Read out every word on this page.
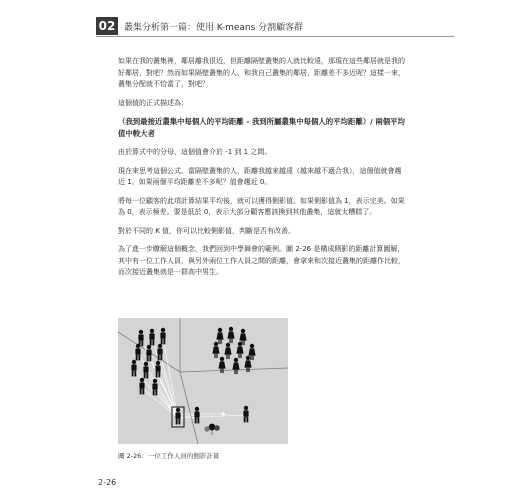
02 叢集分析第一篇：使用 K-means 分割顧客群

如果在我的叢集裡，鄰居離我很近，但距離隔壁叢集的人就比較遠，那現在這些鄰居就是我的好鄰居，對吧？然而如果隔壁叢集的人，和我自己叢集的鄰居，距離差不多近呢？這樣一來，叢集分配就不恰當了，對吧？

這個值的正式描述為：

（我到最接近叢集中每個人的平均距離 - 我到所屬叢集中每個人的平均距離）/ 兩個平均值中較大者

由於算式中的分母，這個值會介於 -1 到 1 之間。

現在來思考這個公式。當隔壁叢集的人，距離我越來越遠（越來越不適合我），這個值就會趨近 1。如果兩個平均距離差不多呢？值會趨近 0。

將每一位顧客的此項計算結果平均後，就可以獲得側影值。如果側影值為 1，表示完美。如果為 0，表示極差。要是低於 0，表示大部分顧客應該換到其他叢集，這就太糟糕了。

對於不同的 K 值，你可以比較側影值，判斷是否有改善。

為了進一步瞭解這個概念，我們回到中學舞會的範例。圖 2-26 是構成側影的距離計算圖解，其中有一位工作人員，與另外兩位工作人員之間的距離，會拿來和次接近叢集的距離作比較，而次接近叢集就是一群高中男生。

圖 2-26：一位工作人員的側影計算
2-26
